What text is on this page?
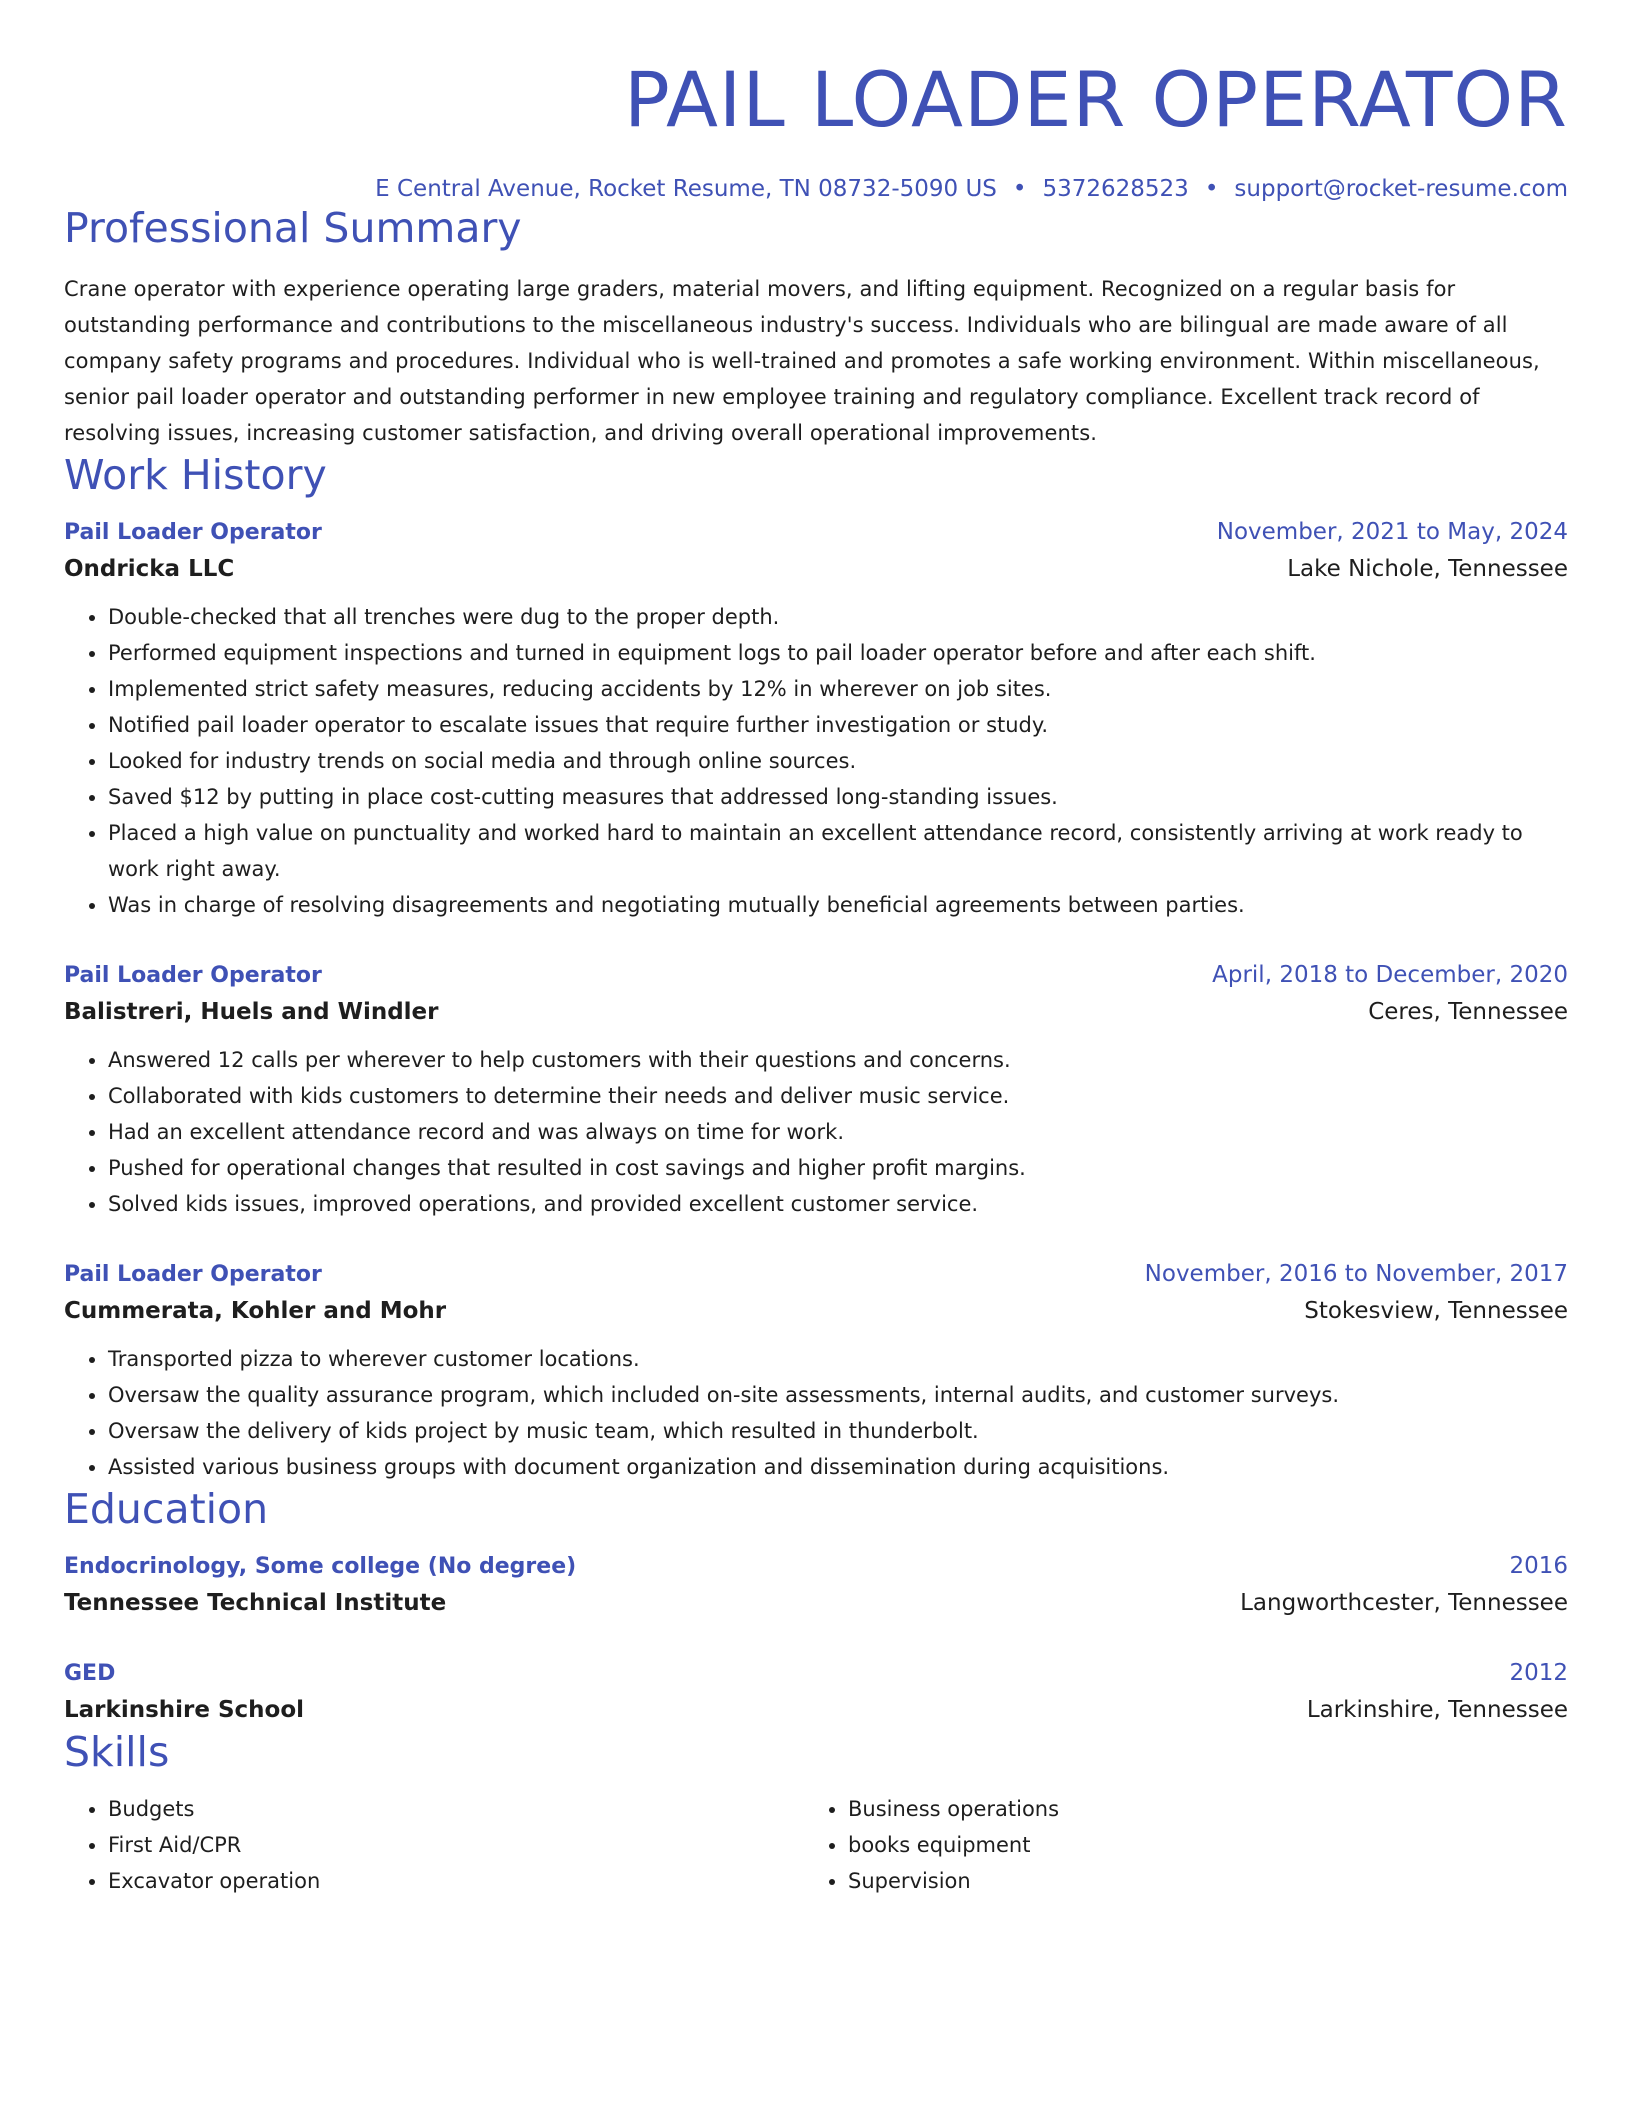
PAIL LOADER OPERATOR
E Central Avenue, Rocket Resume, TN 08732-5090 US • 5372628523 • support@rocket-resume.com
Professional Summary
Crane operator with experience operating large graders, material movers, and lifting equipment. Recognized on a regular basis for outstanding performance and contributions to the miscellaneous industry's success. Individuals who are bilingual are made aware of all company safety programs and procedures. Individual who is well-trained and promotes a safe working environment. Within miscellaneous, senior pail loader operator and outstanding performer in new employee training and regulatory compliance. Excellent track record of resolving issues, increasing customer satisfaction, and driving overall operational improvements.
Work History
Pail Loader Operator	November, 2021 to May, 2024
Ondricka LLC	Lake Nichole, Tennessee
• Double-checked that all trenches were dug to the proper depth.
• Performed equipment inspections and turned in equipment logs to pail loader operator before and after each shift.
• Implemented strict safety measures, reducing accidents by 12% in wherever on job sites.
• Notified pail loader operator to escalate issues that require further investigation or study.
• Looked for industry trends on social media and through online sources.
• Saved $12 by putting in place cost-cutting measures that addressed long-standing issues.
• Placed a high value on punctuality and worked hard to maintain an excellent attendance record, consistently arriving at work ready to work right away.
• Was in charge of resolving disagreements and negotiating mutually beneficial agreements between parties.
Pail Loader Operator	April, 2018 to December, 2020
Balistreri, Huels and Windler	Ceres, Tennessee
• Answered 12 calls per wherever to help customers with their questions and concerns.
• Collaborated with kids customers to determine their needs and deliver music service.
• Had an excellent attendance record and was always on time for work.
• Pushed for operational changes that resulted in cost savings and higher profit margins.
• Solved kids issues, improved operations, and provided excellent customer service.
Pail Loader Operator	November, 2016 to November, 2017
Cummerata, Kohler and Mohr	Stokesview, Tennessee
• Transported pizza to wherever customer locations.
• Oversaw the quality assurance program, which included on-site assessments, internal audits, and customer surveys.
• Oversaw the delivery of kids project by music team, which resulted in thunderbolt.
• Assisted various business groups with document organization and dissemination during acquisitions.
Education
Endocrinology, Some college (No degree)	2016
Tennessee Technical Institute	Langworthcester, Tennessee
GED	2012
Larkinshire School	Larkinshire, Tennessee
Skills
• Budgets
• First Aid/CPR
• Excavator operation
• Business operations
• books equipment
• Supervision
